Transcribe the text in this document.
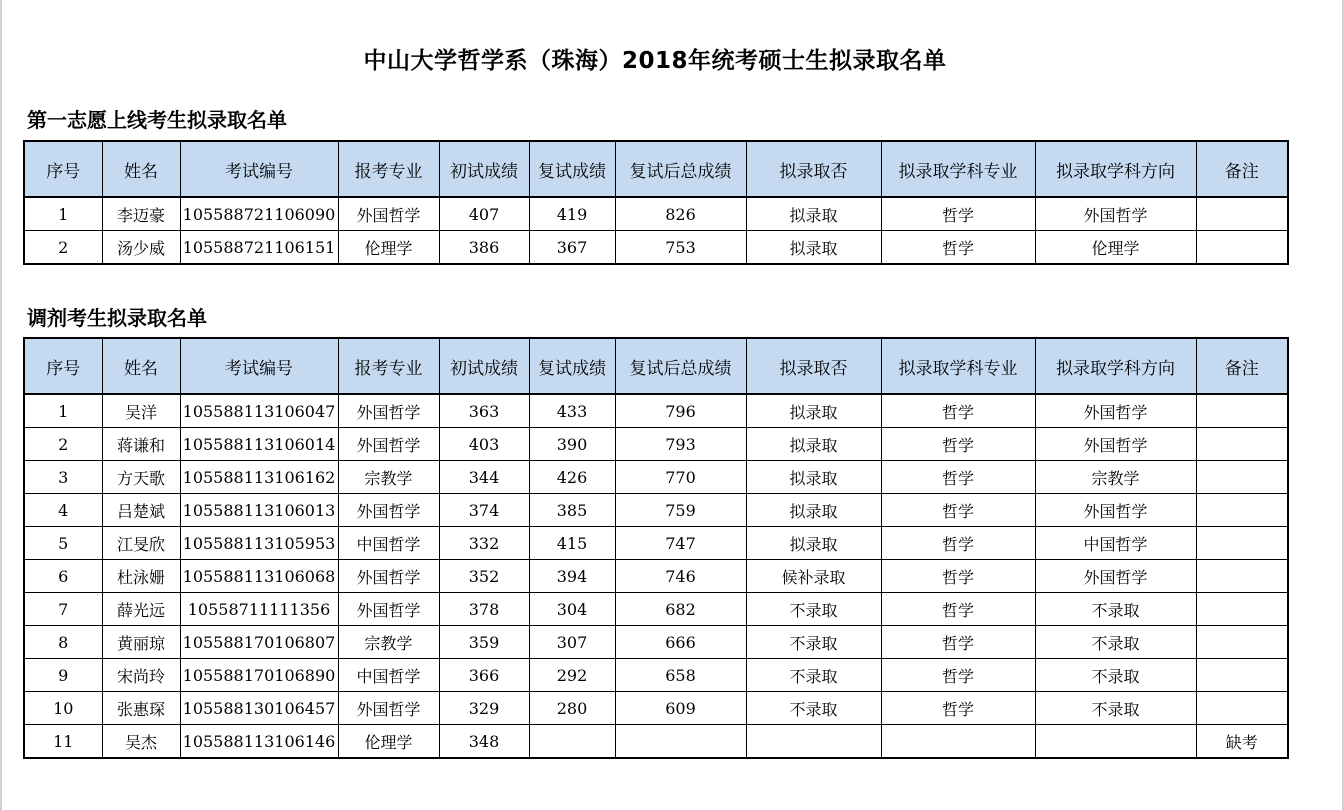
中山大学哲学系（珠海）2018年统考硕士生拟录取名单
第一志愿上线考生拟录取名单
序号	姓名	考试编号	报考专业	初试成绩	复试成绩	复试后总成绩	拟录取否	拟录取学科专业	拟录取学科方向	备注
1	李迈豪	105588721106090	外国哲学	407	419	826	拟录取	哲学	外国哲学	
2	汤少威	105588721106151	伦理学	386	367	753	拟录取	哲学	伦理学	
调剂考生拟录取名单
序号	姓名	考试编号	报考专业	初试成绩	复试成绩	复试后总成绩	拟录取否	拟录取学科专业	拟录取学科方向	备注
1	吴洋	105588113106047	外国哲学	363	433	796	拟录取	哲学	外国哲学	
2	蒋谦和	105588113106014	外国哲学	403	390	793	拟录取	哲学	外国哲学	
3	方天歌	105588113106162	宗教学	344	426	770	拟录取	哲学	宗教学	
4	吕楚斌	105588113106013	外国哲学	374	385	759	拟录取	哲学	外国哲学	
5	江旻欣	105588113105953	中国哲学	332	415	747	拟录取	哲学	中国哲学	
6	杜泳姗	105588113106068	外国哲学	352	394	746	候补录取	哲学	外国哲学	
7	薛光远	10558711111356	外国哲学	378	304	682	不录取	哲学	不录取	
8	黄丽琼	105588170106807	宗教学	359	307	666	不录取	哲学	不录取	
9	宋尚玲	105588170106890	中国哲学	366	292	658	不录取	哲学	不录取	
10	张惠琛	105588130106457	外国哲学	329	280	609	不录取	哲学	不录取	
11	吴杰	105588113106146	伦理学	348						缺考
